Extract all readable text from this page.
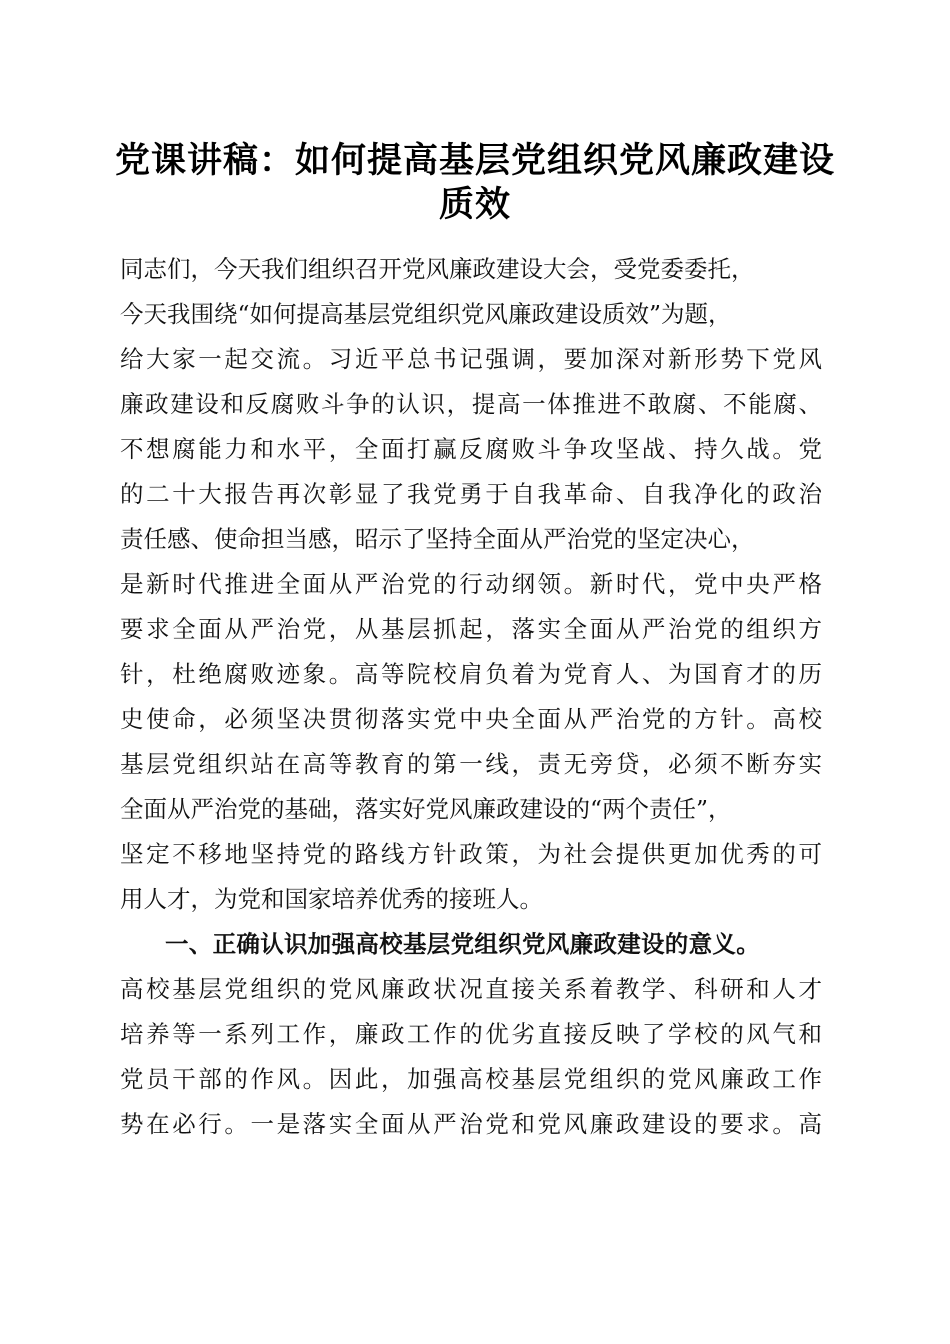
党课讲稿：如何提高基层党组织党风廉政建设
质效

同志们，今天我们组织召开党风廉政建设大会，受党委委托，

今天我围绕“如何提高基层党组织党风廉政建设质效”为题，

给大家一起交流。习近平总书记强调，要加深对新形势下党风

廉政建设和反腐败斗争的认识，提高一体推进不敢腐、不能腐、

不想腐能力和水平，全面打赢反腐败斗争攻坚战、持久战。党

的二十大报告再次彰显了我党勇于自我革命、自我净化的政治

责任感、使命担当感，昭示了坚持全面从严治党的坚定决心，

是新时代推进全面从严治党的行动纲领。新时代，党中央严格

要求全面从严治党，从基层抓起，落实全面从严治党的组织方

针，杜绝腐败迹象。高等院校肩负着为党育人、为国育才的历

史使命，必须坚决贯彻落实党中央全面从严治党的方针。高校

基层党组织站在高等教育的第一线，责无旁贷，必须不断夯实

全面从严治党的基础，落实好党风廉政建设的“两个责任”，

坚定不移地坚持党的路线方针政策，为社会提供更加优秀的可

用人才，为党和国家培养优秀的接班人。

一、正确认识加强高校基层党组织党风廉政建设的意义。

高校基层党组织的党风廉政状况直接关系着教学、科研和人才

培养等一系列工作，廉政工作的优劣直接反映了学校的风气和

党员干部的作风。因此，加强高校基层党组织的党风廉政工作

势在必行。一是落实全面从严治党和党风廉政建设的要求。高
